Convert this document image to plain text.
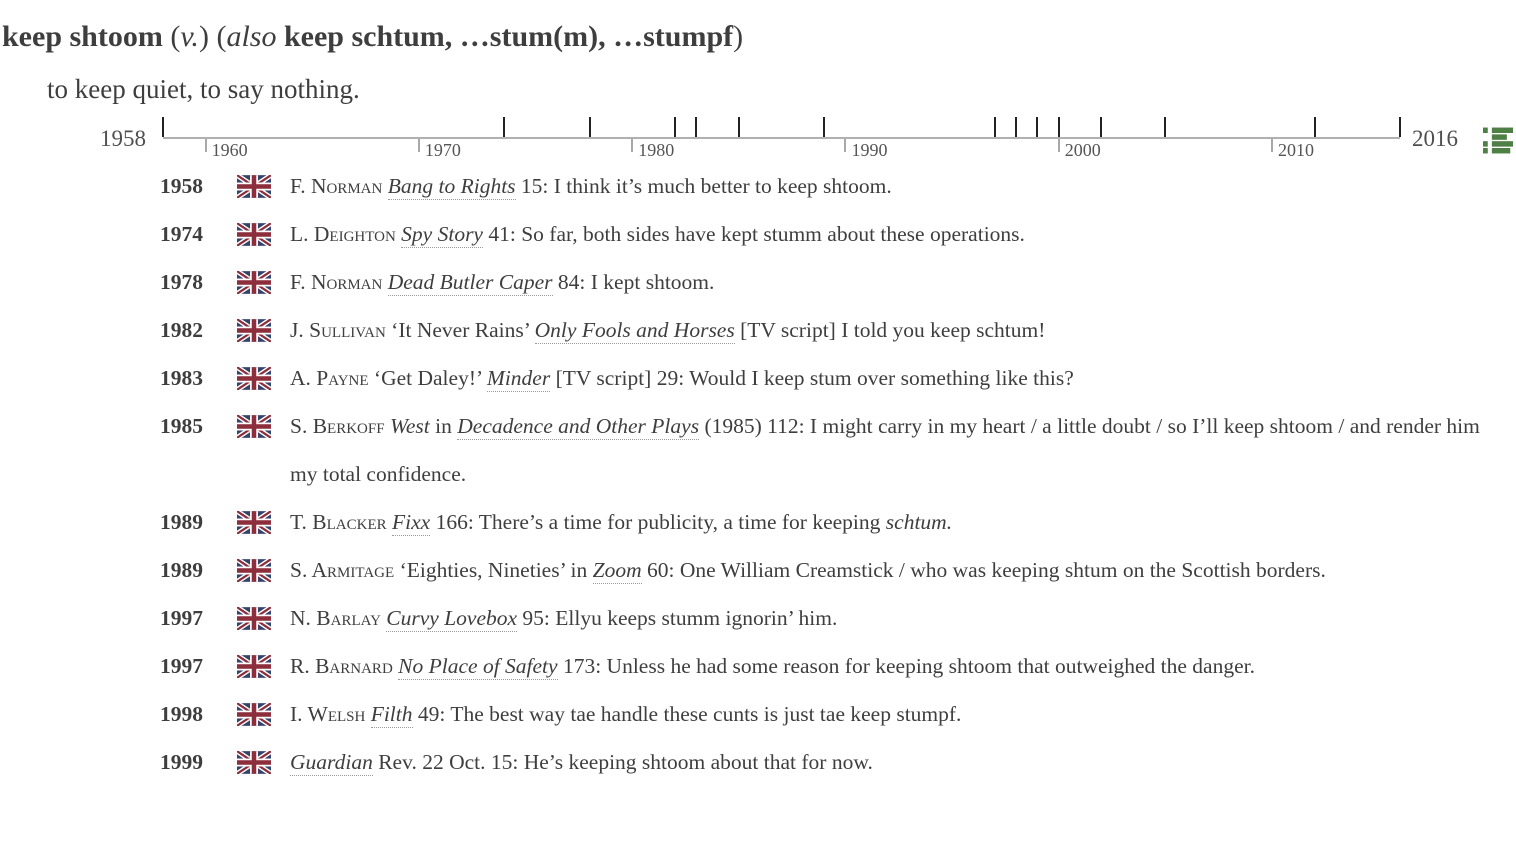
keep shtoom (v.) (also keep schtum, …stum(m), …stumpf)
to keep quiet, to say nothing.
1958	1960	1970	1980	1990	2000	2010	2016
1958	F. Norman Bang to Rights 15: I think it’s much better to keep shtoom.
1974	L. Deighton Spy Story 41: So far, both sides have kept stumm about these operations.
1978	F. Norman Dead Butler Caper 84: I kept shtoom.
1982	J. Sullivan ‘It Never Rains’ Only Fools and Horses [TV script] I told you keep schtum!
1983	A. Payne ‘Get Daley!’ Minder [TV script] 29: Would I keep stum over something like this?
1985	S. Berkoff West in Decadence and Other Plays (1985) 112: I might carry in my heart / a little doubt / so I’ll keep shtoom / and render him my total confidence.
1989	T. Blacker Fixx 166: There’s a time for publicity, a time for keeping schtum.
1989	S. Armitage ‘Eighties, Nineties’ in Zoom 60: One William Creamstick / who was keeping shtum on the Scottish borders.
1997	N. Barlay Curvy Lovebox 95: Ellyu keeps stumm ignorin’ him.
1997	R. Barnard No Place of Safety 173: Unless he had some reason for keeping shtoom that outweighed the danger.
1998	I. Welsh Filth 49: The best way tae handle these cunts is just tae keep stumpf.
1999	Guardian Rev. 22 Oct. 15: He’s keeping shtoom about that for now.
